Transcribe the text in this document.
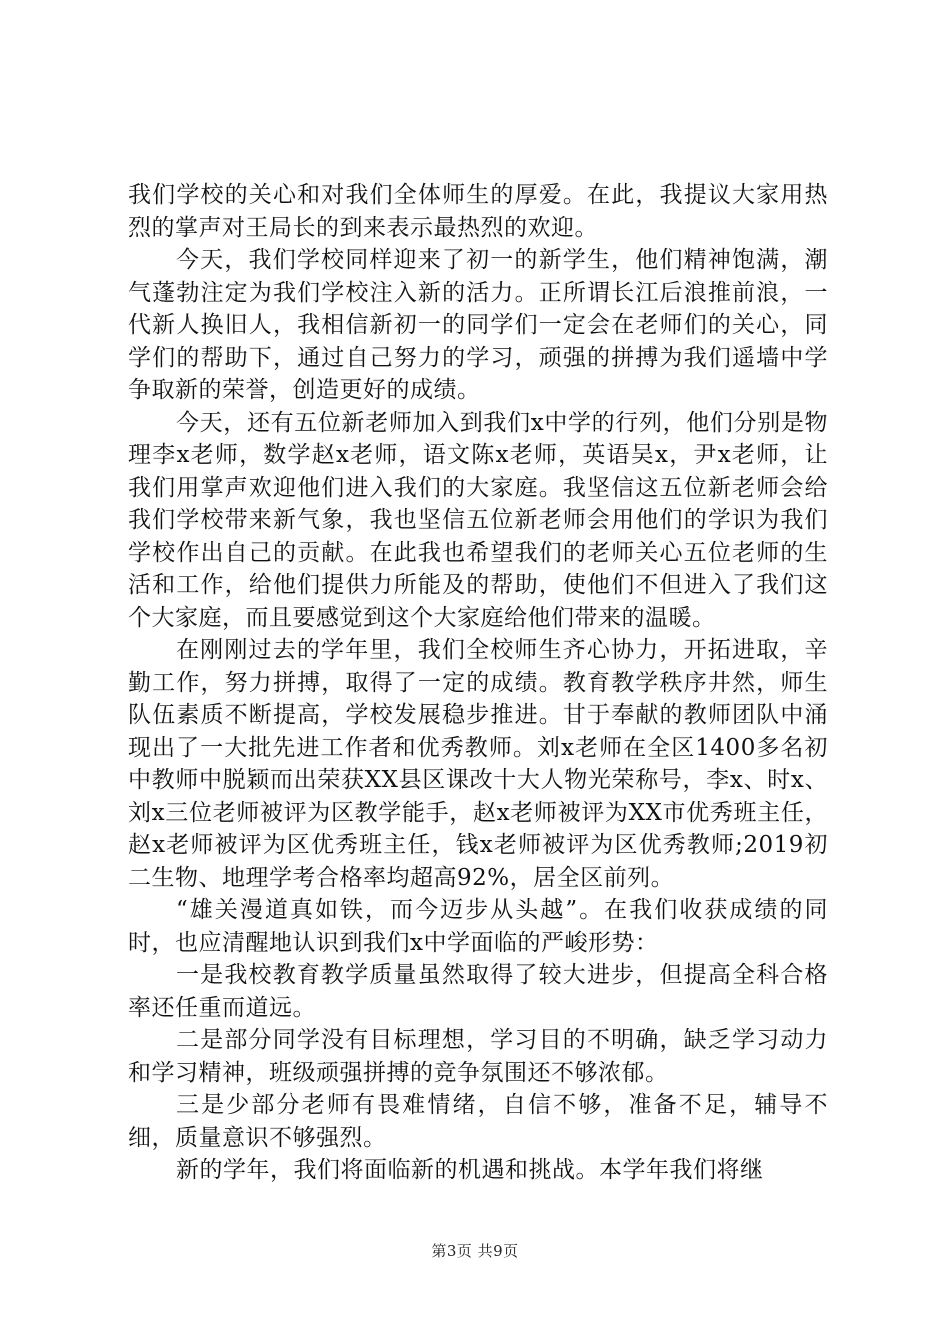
我们学校的关心和对我们全体师生的厚爱。在此，我提议大家用热烈的掌声对王局长的到来表示最热烈的欢迎。

今天，我们学校同样迎来了初一的新学生，他们精神饱满，潮气蓬勃注定为我们学校注入新的活力。正所谓长江后浪推前浪，一代新人换旧人，我相信新初一的同学们一定会在老师们的关心，同学们的帮助下，通过自己努力的学习，顽强的拼搏为我们遥墙中学争取新的荣誉，创造更好的成绩。

今天，还有五位新老师加入到我们x中学的行列，他们分别是物理李x老师，数学赵x老师，语文陈x老师，英语吴x，尹x老师，让我们用掌声欢迎他们进入我们的大家庭。我坚信这五位新老师会给我们学校带来新气象，我也坚信五位新老师会用他们的学识为我们学校作出自己的贡献。在此我也希望我们的老师关心五位老师的生活和工作，给他们提供力所能及的帮助，使他们不但进入了我们这个大家庭，而且要感觉到这个大家庭给他们带来的温暖。

在刚刚过去的学年里，我们全校师生齐心协力，开拓进取，辛勤工作，努力拼搏，取得了一定的成绩。教育教学秩序井然，师生队伍素质不断提高，学校发展稳步推进。甘于奉献的教师团队中涌现出了一大批先进工作者和优秀教师。刘x老师在全区1400多名初中教师中脱颖而出荣获XX县区课改十大人物光荣称号，李x、时x、刘x三位老师被评为区教学能手，赵x老师被评为XX市优秀班主任，赵x老师被评为区优秀班主任，钱x老师被评为区优秀教师;2019初二生物、地理学考合格率均超高92%，居全区前列。

“雄关漫道真如铁，而今迈步从头越”。在我们收获成绩的同时，也应清醒地认识到我们x中学面临的严峻形势：

一是我校教育教学质量虽然取得了较大进步，但提高全科合格率还任重而道远。

二是部分同学没有目标理想，学习目的不明确，缺乏学习动力和学习精神，班级顽强拼搏的竞争氛围还不够浓郁。

三是少部分老师有畏难情绪，自信不够，准备不足，辅导不细，质量意识不够强烈。

新的学年，我们将面临新的机遇和挑战。本学年我们将继

第3页 共9页
